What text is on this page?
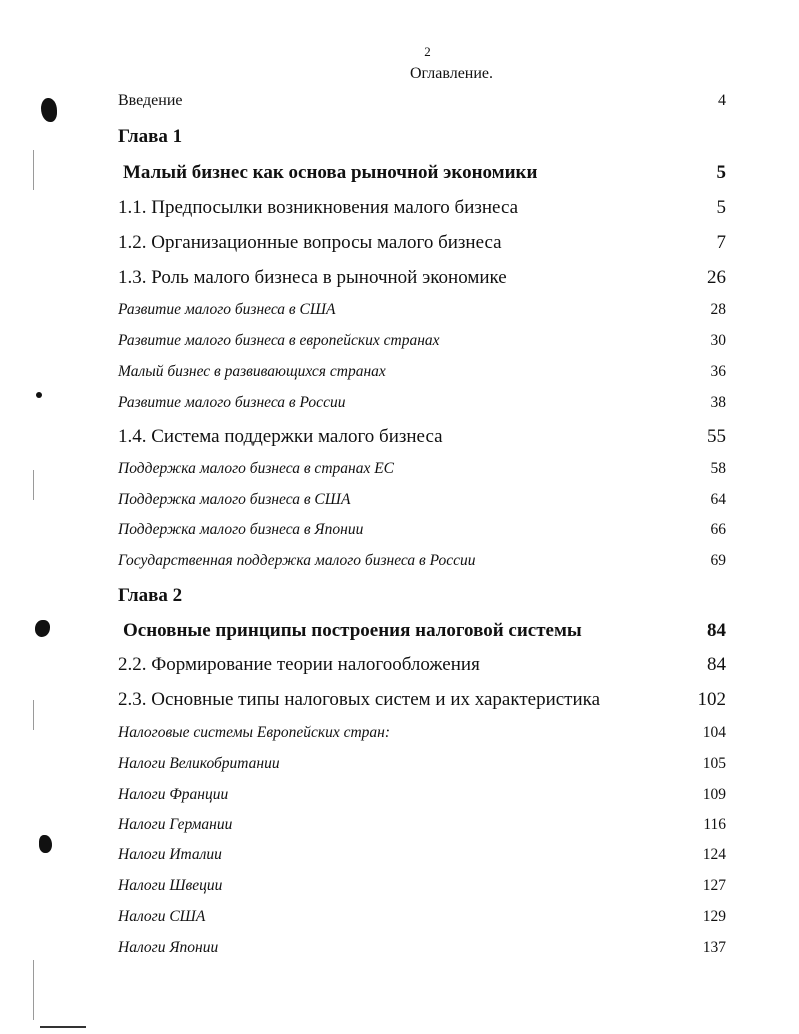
2
Оглавление.
Введение	4
Глава 1
Малый бизнес как основа рыночной экономики	5
1.1. Предпосылки возникновения малого бизнеса	5
1.2. Организационные вопросы малого бизнеса	7
1.3. Роль малого бизнеса в рыночной экономике	26
Развитие малого бизнеса в США	28
Развитие малого бизнеса в европейских странах	30
Малый бизнес в развивающихся странах	36
Развитие малого бизнеса в России	38
1.4. Система поддержки малого бизнеса	55
Поддержка малого бизнеса в странах ЕС	58
Поддержка малого бизнеса в США	64
Поддержка малого бизнеса в Японии	66
Государственная поддержка малого бизнеса в России	69
Глава 2
Основные принципы построения налоговой системы	84
2.2. Формирование теории налогообложения	84
2.3. Основные типы налоговых систем и их характеристика	102
Налоговые системы Европейских стран:	104
Налоги Великобритании	105
Налоги Франции	109
Налоги Германии	116
Налоги Италии	124
Налоги Швеции	127
Налоги США	129
Налоги Японии	137
